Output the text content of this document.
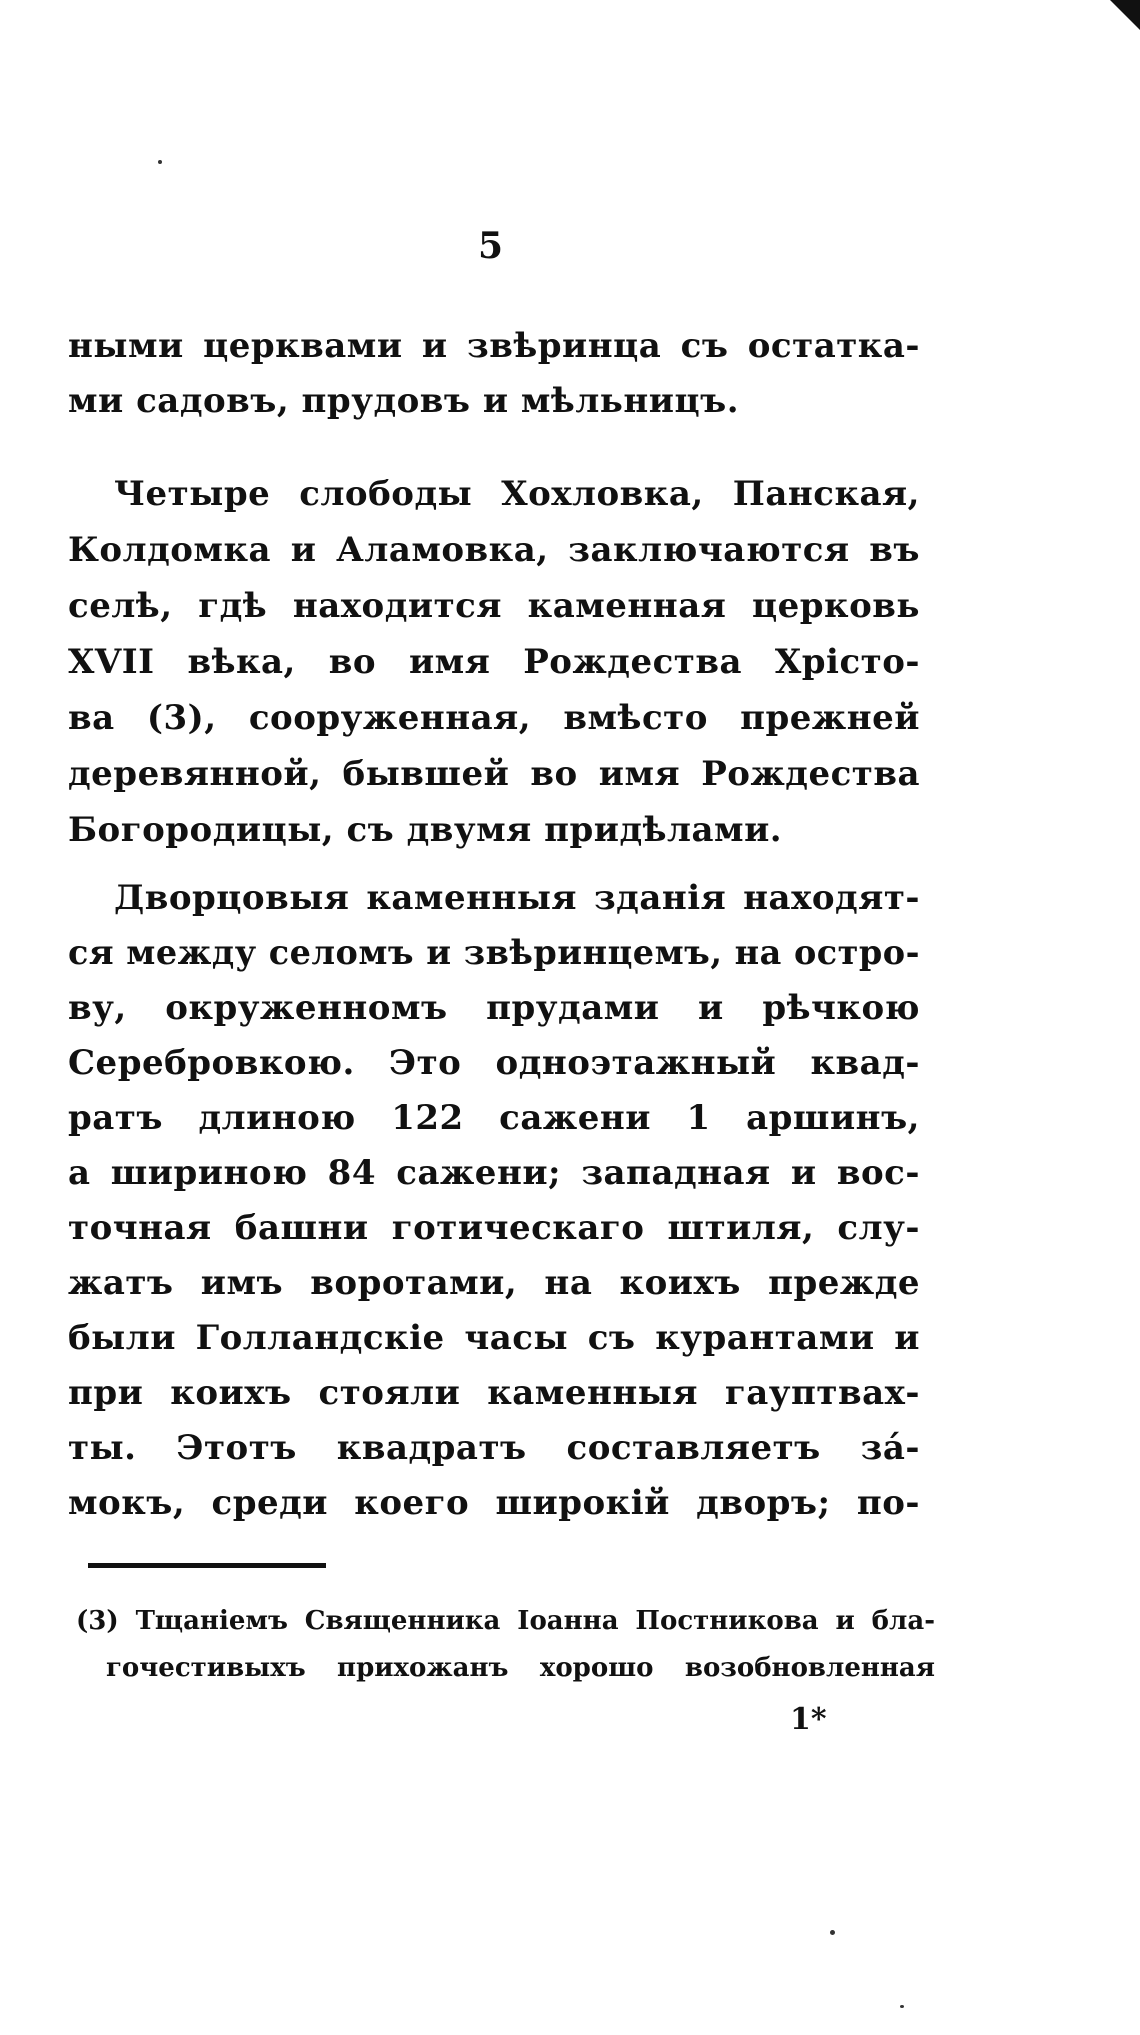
5
ными церквами и звѣринца съ остатка-
ми садовъ, прудовъ и мѣльницъ.
Четыре слободы Хохловка, Панская,
Колдомка и Аламовка, заключаются въ
селѣ, гдѣ находится каменная церковь
XVII вѣка, во имя Рождества Хрiсто-
ва (3), сооруженная, вмѣсто прежней
деревянной, бывшей во имя Рождества
Богородицы, съ двумя придѣлами.
Дворцовыя каменныя зданiя находят-
ся между селомъ и звѣринцемъ, на остро-
ву, окруженномъ прудами и рѣчкою
Серебровкою. Это одноэтажный квад-
ратъ длиною 122 сажени 1 аршинъ,
а шириною 84 сажени; западная и вос-
точная башни готическаго штиля, слу-
жатъ имъ воротами, на коихъ прежде
были Голландскiе часы съ курантами и
при коихъ стояли каменныя гауптвах-
ты. Этотъ квадратъ составляетъ за́-
мокъ, среди коего широкiй дворъ; по-
(3) Тщанiемъ Священника Iоанна Постникова и бла-
гочестивыхъ прихожанъ хорошо возобновленная
1*
